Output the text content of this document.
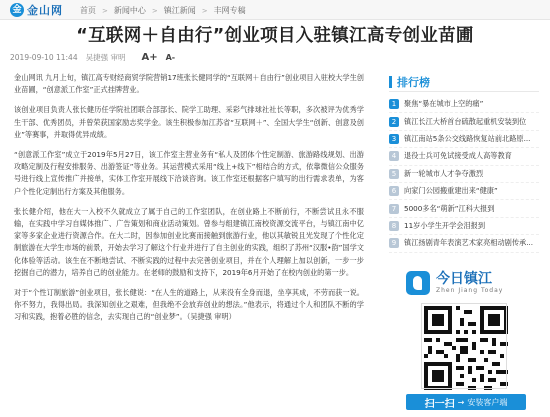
金 金山网 首页 > 新闻中心 > 镇江新闻 > 丰网专稿
“互联网＋自由行”创业项目入驻镇江高专创业苗圃
2019-09-10 11:44 吴捷强 审明 A+ A-

金山网讯 九月上旬，镇江高专财经商贸学院营销17班张长健同学的“互联网＋自由行”创业项目入驻校大学生创业苗圃，“创意派工作室”正式挂牌营业。

该创业项目负责人张长健历任学院社团联合部部长、院学工助理、采彩气排球社社长等职，多次被评为优秀学生干部、优秀团员，并曾荣获国家励志奖学金。该生积极参加江苏省“互联网＋”、全国大学生“创新、创意及创业”等赛事，并取得优异成绩。

“创意派工作室”成立于2019年5月27日，该工作室主营业务有“私人及团体个性定制游、旅游路线规划、出游攻略定制及行程安排服务、出游签证”等业务。其运营模式采用“线上+线下”相结合的方式，依靠微信公众服务号进行线上宣传推广并接单，实体工作室开展线下洽谈咨询。该工作室还根据客户填写的出行需求表单，为客户个性化定制出行方案及其他服务。

张长健介绍，他在大一入校不久就成立了属于自己的工作室团队，在创业路上不断前行，不断尝试且永不服输，在实践中学习自媒体推广、广告策划和商业活动策划。曾参与组建镇江南校资源交流平台，与镇江南中亿家等多家企业进行资源合作。在大二时，因参加创业比赛而接触到旅游行业，他以其敏锐且光发现了个性化定制旅游在大学生市场的前景，开始去学习了解这个行业并进行了自主创业的实践，组织了苏州“汉服•韵”国学文化体验等活动。该生在不断地尝试、不断实践的过程中去完善创业项目，并在个人理解上加以创新，一步一步挖掘自己的潜力，培养自己的创业能力。在老师的鼓励和支持下，2019年6月开始了在校内创业的第一步。

对于“个性订制旅游”创业项目，张长健说：“在人生的道路上，从来没有全身而退，坐享其成，不劳而获一说。你不努力，我得出局。我深知创业之艰难，但我绝不会放弃创业的想法。”他表示，将通过个人和团队不断的学习和实践，抱着必胜的信念，去实现自己的“创业梦”。（吴捷强 审明）

排行榜
1	聚焦“暴在城市上空的痛”
2	镇江长江大桥首台硫散起重机安装到位
3	镇江南站5条公交线路恢复站前北路原...
4	退役士兵可免试接受成人高等教育
5	新一轮城市人才争夺激烈
6	向家门公园搬重建出来“健康”
7	5000多名“萌新”江科大报到
8	11岁小学生开学会泪报到
9	镇江扬剧青年表演艺术家亮相动剧传承...
今日镇江
Zhen Jiang Today
扫一扫 → 安装客户端
